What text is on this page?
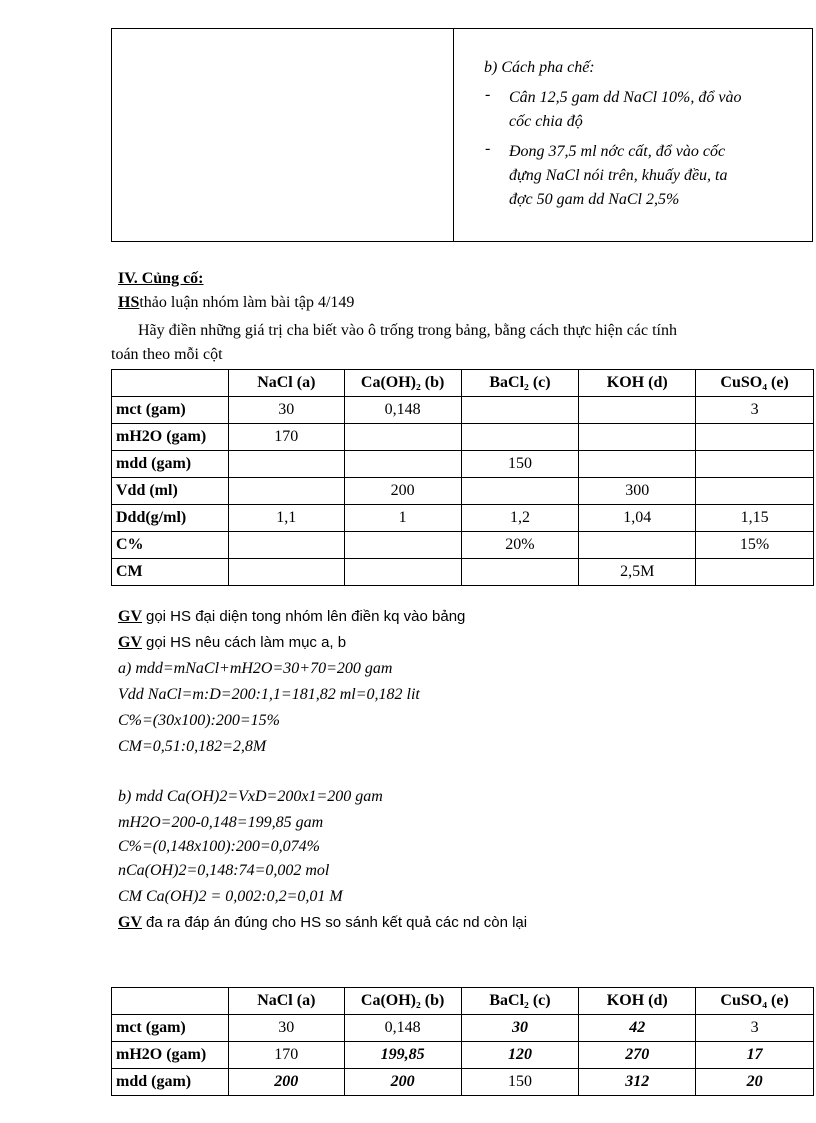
b) Cách pha chế:
- Cân 12,5 gam dd NaCl 10%, đổ vào
cốc chia độ
- Đong 37,5 ml nớc cất, đổ vào cốc
đựng NaCl nói trên, khuấy đều, ta
đợc 50 gam dd NaCl 2,5%
IV. Củng cố:
HSthảo luận nhóm làm bài tập 4/149
Hãy điền những giá trị cha biết vào ô trống trong bảng, bằng cách thực hiện các tính
toán theo mỗi cột
	NaCl (a)	Ca(OH)₂ (b)	BaCl₂ (c)	KOH (d)	CuSO₄ (e)
mct (gam)	30	0,148			3
mH2O (gam)	170				
mdd (gam)			150		
Vdd (ml)		200		300	
Ddd(g/ml)	1,1	1	1,2	1,04	1,15
C%			20%		15%
CM				2,5M	
GV gọi HS đại diện tong nhóm lên điền kq vào bảng
GV gọi HS nêu cách làm mục a, b
a) mdd=mNaCl+mH2O=30+70=200 gam
Vdd NaCl=m:D=200:1,1=181,82 ml=0,182 lit
C%=(30x100):200=15%
CM=0,51:0,182=2,8M
b) mdd Ca(OH)2=VxD=200x1=200 gam
mH2O=200-0,148=199,85 gam
C%=(0,148x100):200=0,074%
nCa(OH)2=0,148:74=0,002 mol
CM Ca(OH)2 = 0,002:0,2=0,01 M
GV đa ra đáp án đúng cho HS so sánh kết quả các nd còn lại
	NaCl (a)	Ca(OH)₂ (b)	BaCl₂ (c)	KOH (d)	CuSO₄ (e)
mct (gam)	30	0,148	30	42	3
mH2O (gam)	170	199,85	120	270	17
mdd (gam)	200	200	150	312	20
